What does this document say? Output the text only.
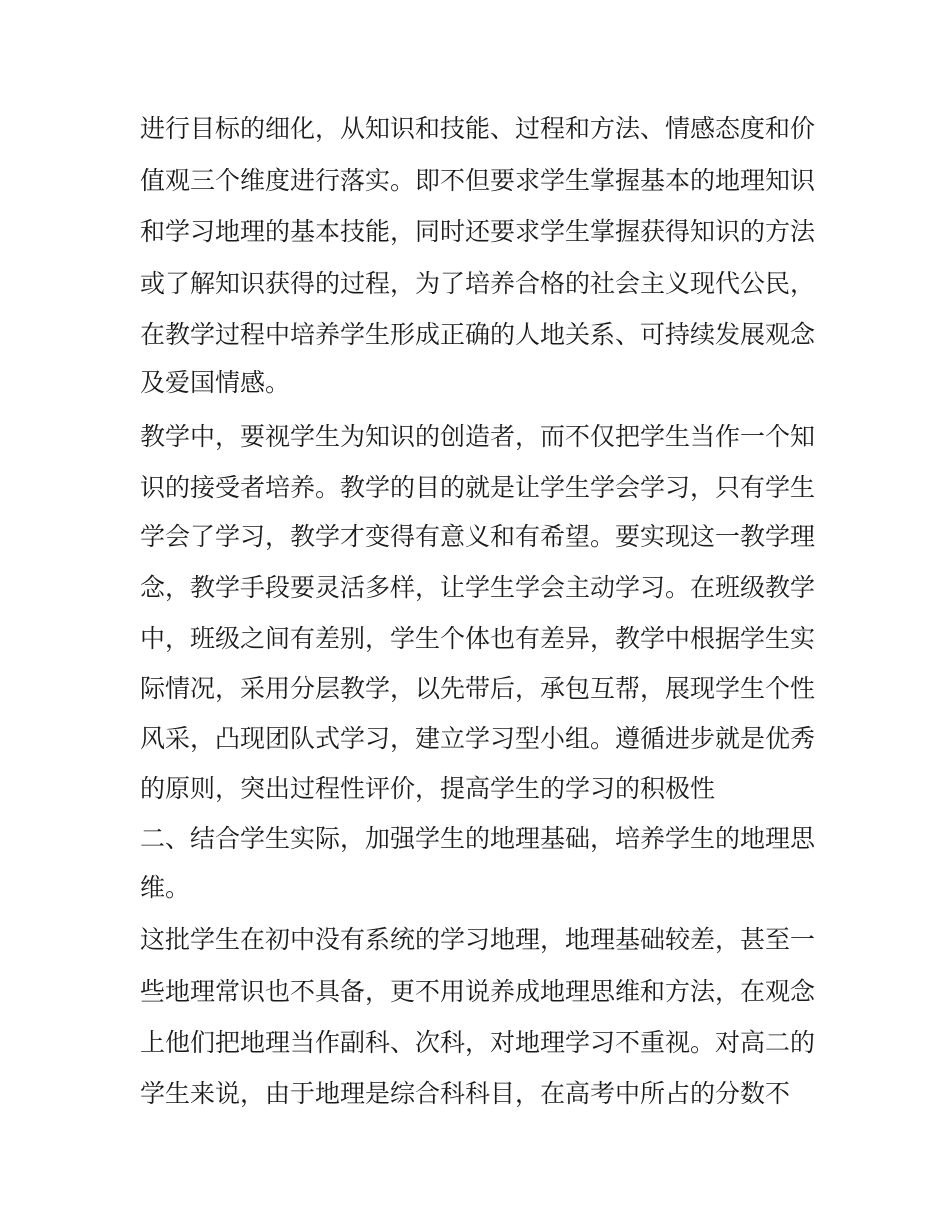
进行目标的细化，从知识和技能、过程和方法、情感态度和价
值观三个维度进行落实。即不但要求学生掌握基本的地理知识
和学习地理的基本技能，同时还要求学生掌握获得知识的方法
或了解知识获得的过程，为了培养合格的社会主义现代公民，
在教学过程中培养学生形成正确的人地关系、可持续发展观念
及爱国情感。
教学中，要视学生为知识的创造者，而不仅把学生当作一个知
识的接受者培养。教学的目的就是让学生学会学习，只有学生
学会了学习，教学才变得有意义和有希望。要实现这一教学理
念，教学手段要灵活多样，让学生学会主动学习。在班级教学
中，班级之间有差别，学生个体也有差异，教学中根据学生实
际情况，采用分层教学，以先带后，承包互帮，展现学生个性
风采，凸现团队式学习，建立学习型小组。遵循进步就是优秀
的原则，突出过程性评价，提高学生的学习的积极性
二、结合学生实际，加强学生的地理基础，培养学生的地理思
维。
这批学生在初中没有系统的学习地理，地理基础较差，甚至一
些地理常识也不具备，更不用说养成地理思维和方法，在观念
上他们把地理当作副科、次科，对地理学习不重视。对高二的
学生来说，由于地理是综合科科目，在高考中所占的分数不
